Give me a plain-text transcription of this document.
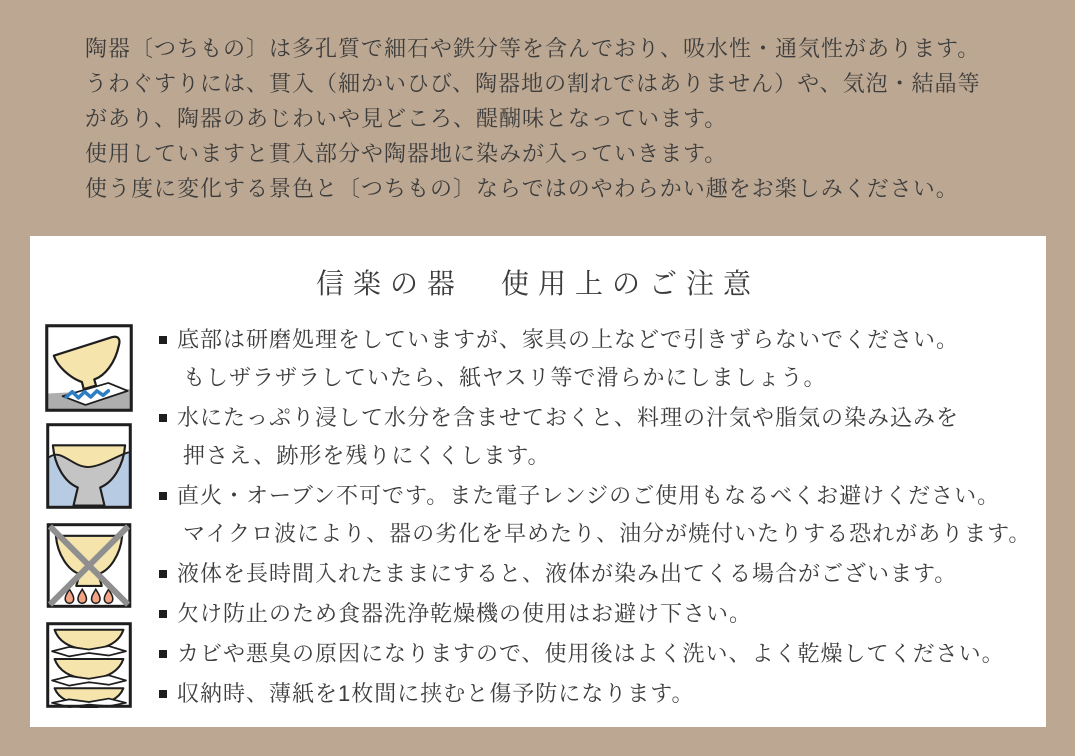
陶器〔つちもの〕は多孔質で細石や鉄分等を含んでおり、吸水性・通気性があります。
うわぐすりには、貫入（細かいひび、陶器地の割れではありません）や、気泡・結晶等
があり、陶器のあじわいや見どころ、醍醐味となっています。
使用していますと貫入部分や陶器地に染みが入っていきます。
使う度に変化する景色と〔つちもの〕ならではのやわらかい趣をお楽しみください。
信楽の器　使用上のご注意
底部は研磨処理をしていますが、家具の上などで引きずらないでください。
もしザラザラしていたら、紙ヤスリ等で滑らかにしましょう。
水にたっぷり浸して水分を含ませておくと、料理の汁気や脂気の染み込みを
押さえ、跡形を残りにくくします。
直火・オーブン不可です。また電子レンジのご使用もなるべくお避けください。
マイクロ波により、器の劣化を早めたり、油分が焼付いたりする恐れがあります。
液体を長時間入れたままにすると、液体が染み出てくる場合がございます。
欠け防止のため食器洗浄乾燥機の使用はお避け下さい。
カビや悪臭の原因になりますので、使用後はよく洗い、よく乾燥してください。
収納時、薄紙を1枚間に挟むと傷予防になります。
